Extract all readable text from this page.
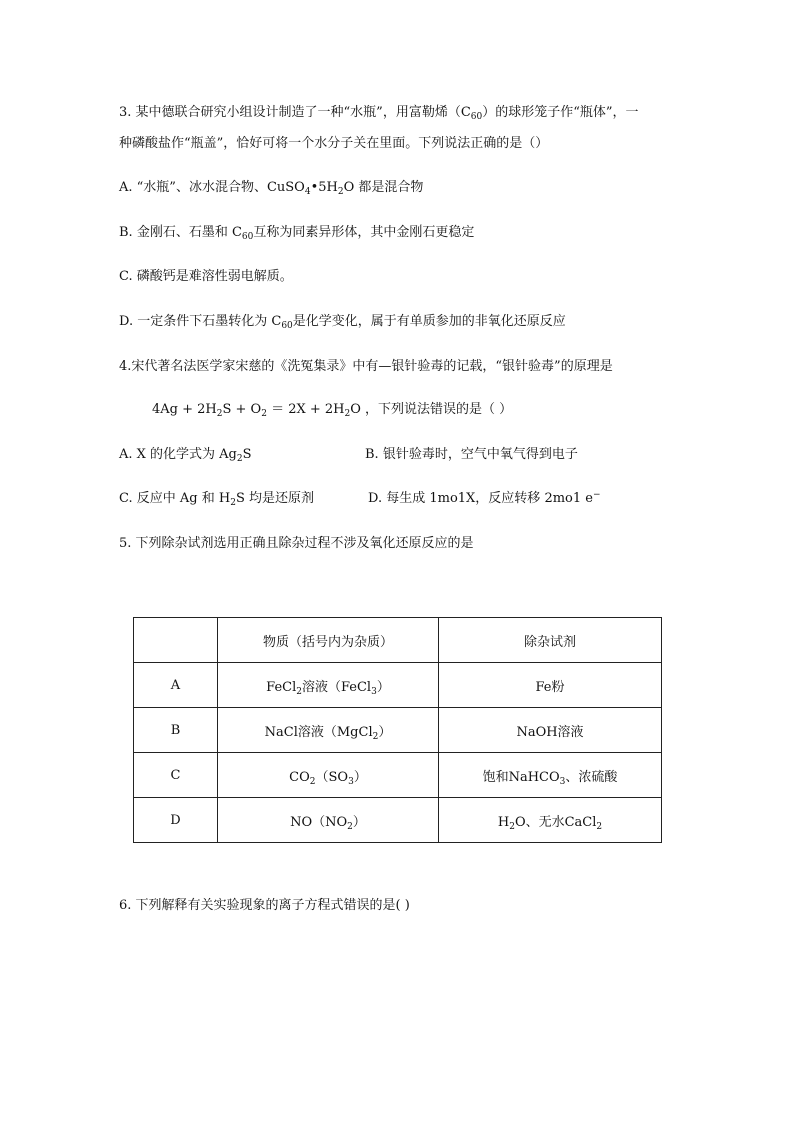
3. 某中德联合研究小组设计制造了一种“水瓶”，用富勒烯$(C_{60})$的球形笼子作“瓶体”，一
种磷酸盐作“瓶盖”，恰好可将一个水分子关在里面。下列说法正确的是（）
A. “水瓶”、冰水混合物、$CuSO_4•5H_2O$ 都是混合物
B. 金刚石、石墨和 $C_{60}$互称为同素异形体，其中金刚石更稳定
C. 磷酸钙是难溶性弱电解质。
D. 一定条件下石墨转化为 $C_{60}$是化学变化，属于有单质参加的非氧化还原反应
4.宋代著名法医学家宋慈的《洗冤集录》中有—银针验毒的记载，“银针验毒”的原理是
$4Ag + 2H_2S + O_2 = 2X + 2H_2O$ ，下列说法错误的是（ ）
A. X 的化学式为 $Ag_2S$	B. 银针验毒时，空气中氧气得到电子
C. 反应中 Ag 和 $H_2S$ 均是还原剂	D. 每生成 1mo1X，反应转移 2mo1 e−
5. 下列除杂试剂选用正确且除杂过程不涉及氧化还原反应的是
	物质（括号内为杂质）	除杂试剂
A	FeCl$_2$溶液（FeCl$_3$）	Fe粉
B	NaCl溶液（MgCl$_2$）	NaOH溶液
C	$CO_2(SO_3)$	饱和NaHCO$_3$、浓硫酸
D	$NO(NO_2)$	$H_2O$、无水CaCl$_2$
6. 下列解释有关实验现象的离子方程式错误的是( )
